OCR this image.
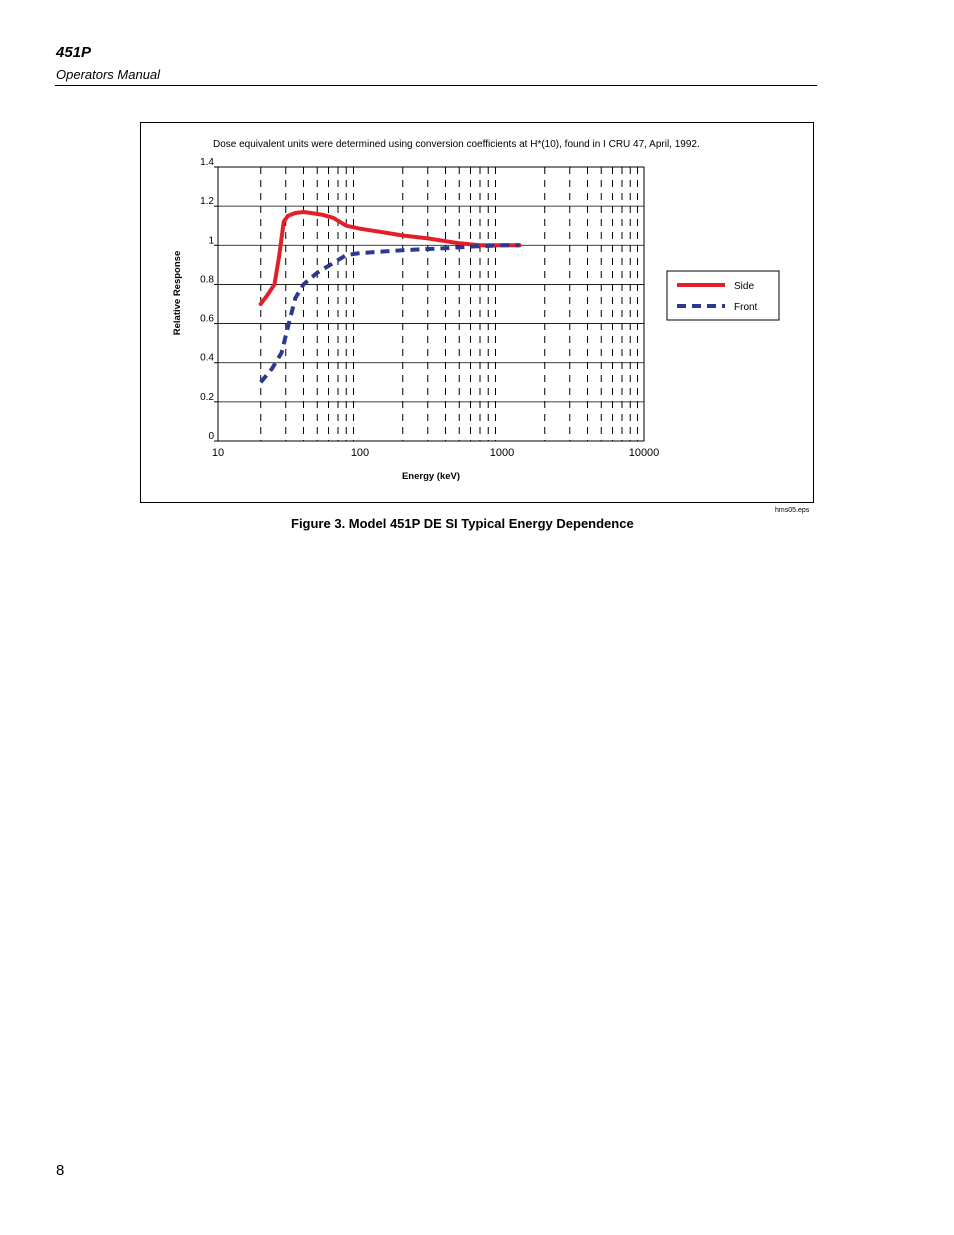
451P
Operators Manual
Dose equivalent units were determined using conversion coefficients at H*(10), found in I CRU 47, April, 1992.
0
0.2
0.4
0.6
0.8
1
1.2
1.4
10	100	1000	10000
Energy (keV)
Relative Response	Side
Front
hms05.eps
Figure 3. Model 451P DE SI Typical Energy Dependence
8
